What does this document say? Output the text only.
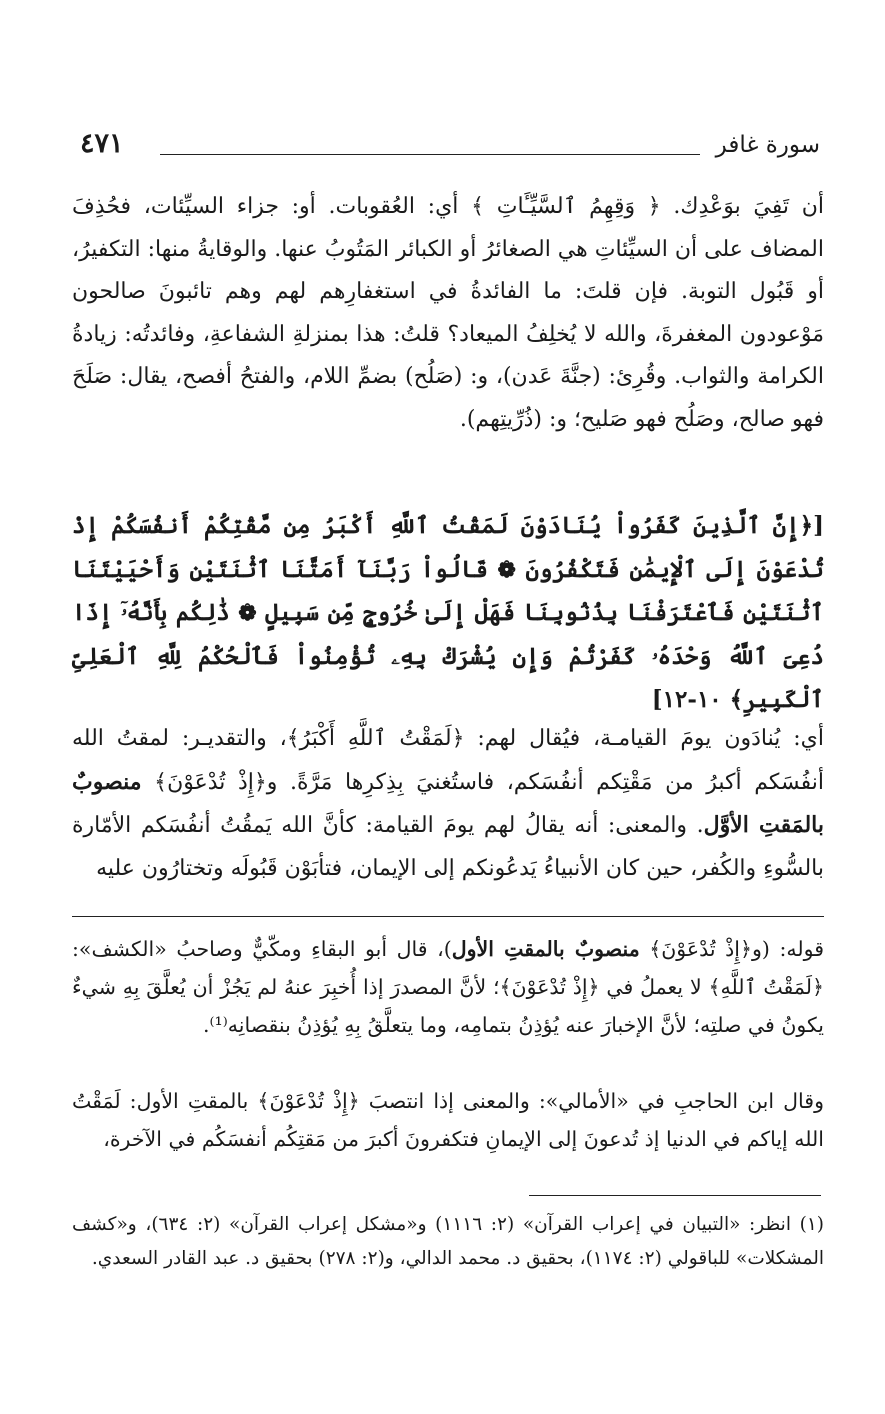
سورة غافر
٤٧١
أن تَفِيَ بوَعْدِك. ﴿ وَقِهِمُ ٱلسَّيِّـَٔاتِ ﴾ أي: العُقوبات. أو: جزاء السيِّئات، فحُذِفَ المضاف على أن السيِّئاتِ هي الصغائرُ أو الكبائر المَتُوبُ عنها. والوقايةُ منها: التكفيرُ، أو قَبُول التوبة. فإن قلتَ: ما الفائدةُ في استغفارِهم لهم وهم تائبونَ صالحون مَوْعودون المغفرةَ، والله لا يُخلِفُ الميعاد؟ قلتُ: هذا بمنزلةِ الشفاعةِ، وفائدتُه: زيادةُ الكرامة والثواب. وقُرِئ: (جنَّةَ عَدن)، و: (صَلُح) بضمِّ اللام، والفتحُ أفصح، يقال: صَلَحَ فهو صالح، وصَلُح فهو صَليح؛ و: (ذُرِّيتِهم).
[﴿إِنَّ ٱلَّذِينَ كَفَرُواْ يُنَادَوْنَ لَمَقْتُ ٱللَّهِ أَكْبَرُ مِن مَّقْتِكُمْ أَنفُسَكُمْ إِذْ تُدْعَوْنَ إِلَى ٱلْإِيمَٰنِ فَتَكْفُرُونَ ❁ قَالُواْ رَبَّنَآ أَمَتَّنَا ٱثْنَتَيْنِ وَأَحْيَيْتَنَا ٱثْنَتَيْنِ فَٱعْتَرَفْنَا بِذُنُوبِنَا فَهَلْ إِلَىٰ خُرُوجٍ مِّن سَبِيلٍ ❁ ذَٰلِكُم بِأَنَّهُۥٓ إِذَا دُعِىَ ٱللَّهُ وَحْدَهُۥ كَفَرْتُمْ وَإِن يُشْرَكْ بِهِۦ تُؤْمِنُواْ فَٱلْحُكْمُ لِلَّهِ ٱلْعَلِىِّ ٱلْكَبِيرِ﴾ ١٠-١٢]
أي: يُنادَون يومَ القيامـة، فيُقال لهم: ﴿لَمَقْتُ ٱللَّهِ أَكْبَرُ﴾، والتقديـر: لمقتُ الله أنفُسَكم أكبرُ من مَقْتِكم أنفُسَكم، فاستُغنيَ بِذِكرِها مَرَّةً. و﴿إِذْ تُدْعَوْنَ﴾ منصوبٌ بالمَقتِ الأوَّل. والمعنى: أنه يقالُ لهم يومَ القيامة: كأنَّ الله يَمقُتُ أنفُسَكم الأمّارة بالسُّوءِ والكُفر، حين كان الأنبياءُ يَدعُونكم إلى الإيمان، فتأبَوْن قَبُولَه وتختارُون عليه
قوله: (و﴿إِذْ تُدْعَوْنَ﴾ منصوبٌ بالمقتِ الأول)، قال أبو البقاءِ ومكّيٌّ وصاحبُ «الكشف»: ﴿لَمَقْتُ ٱللَّهِ﴾ لا يعملُ في ﴿إِذْ تُدْعَوْنَ﴾؛ لأنَّ المصدرَ إذا أُخبِرَ عنهُ لم يَجُزْ أن يُعلَّقَ بِهِ شيءٌ يكونُ في صلتِه؛ لأنَّ الإخبارَ عنه يُؤذِنُ بتمامِه، وما يتعلَّقُ بِهِ يُؤذِنُ بنقصانِه⁽¹⁾.
وقال ابن الحاجبِ في «الأمالي»: والمعنى إذا انتصبَ ﴿إِذْ تُدْعَوْنَ﴾ بالمقتِ الأول: لَمَقْتُ الله إياكم في الدنيا إذ تُدعونَ إلى الإيمانِ فتكفرونَ أكبرَ من مَقتِكُم أنفسَكُم في الآخرة،
(١) انظر: «التبيان في إعراب القرآن» (٢: ١١١٦) و«مشكل إعراب القرآن» (٢: ٦٣٤)، و«كشف المشكلات» للباقولي (٢: ١١٧٤)، بحقيق د. محمد الدالي، و(٢: ٢٧٨) بحقيق د. عبد القادر السعدي.
